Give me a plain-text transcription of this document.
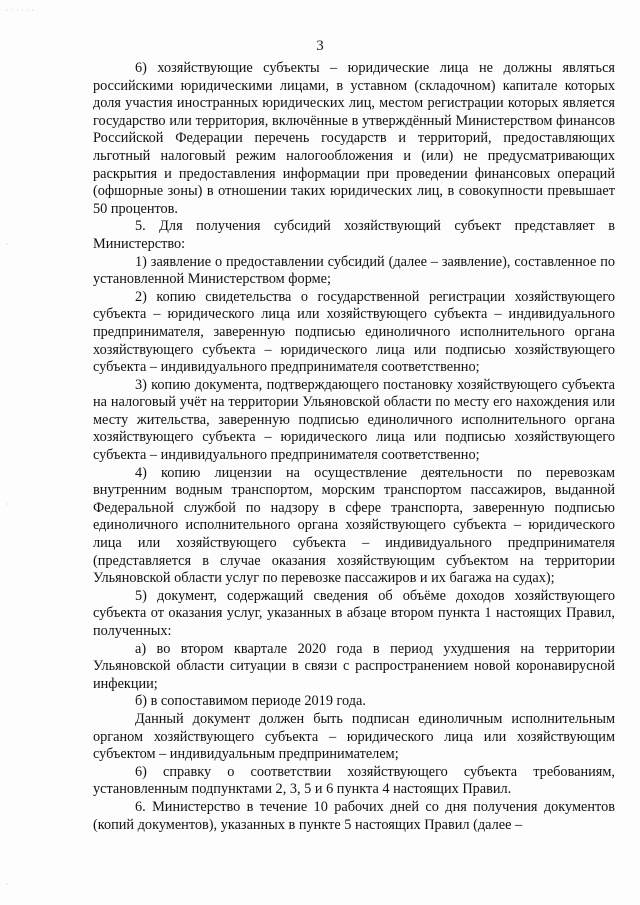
· · · · · ·
·
·
·
3

6) хозяйствующие субъекты – юридические лица не должны являться российскими юридическими лицами, в уставном (складочном) капитале которых доля участия иностранных юридических лиц, местом регистрации которых является государство или территория, включённые в утверждённый Министерством финансов Российской Федерации перечень государств и территорий, предоставляющих льготный налоговый режим налогообложения и (или) не предусматривающих раскрытия и предоставления информации при проведении финансовых операций (офшорные зоны) в отношении таких юридических лиц, в совокупности превышает 50 процентов.

5. Для получения субсидий хозяйствующий субъект представляет в Министерство:

1) заявление о предоставлении субсидий (далее – заявление), составленное по установленной Министерством форме;

2) копию свидетельства о государственной регистрации хозяйствующего субъекта – юридического лица или хозяйствующего субъекта – индивидуального предпринимателя, заверенную подписью единоличного исполнительного органа хозяйствующего субъекта – юридического лица или подписью хозяйствующего субъекта – индивидуального предпринимателя соответственно;

3) копию документа, подтверждающего постановку хозяйствующего субъекта на налоговый учёт на территории Ульяновской области по месту его нахождения или месту жительства, заверенную подписью единоличного исполнительного органа хозяйствующего субъекта – юридического лица или подписью хозяйствующего субъекта – индивидуального предпринимателя соответственно;

4) копию лицензии на осуществление деятельности по перевозкам внутренним водным транспортом, морским транспортом пассажиров, выданной Федеральной службой по надзору в сфере транспорта, заверенную подписью единоличного исполнительного органа хозяйствующего субъекта – юридического лица или хозяйствующего субъекта – индивидуального предпринимателя (представляется в случае оказания хозяйствующим субъектом на территории Ульяновской области услуг по перевозке пассажиров и их багажа на судах);

5) документ, содержащий сведения об объёме доходов хозяйствующего субъекта от оказания услуг, указанных в абзаце втором пункта 1 настоящих Правил, полученных:

а) во втором квартале 2020 года в период ухудшения на территории Ульяновской области ситуации в связи с распространением новой коронавирусной инфекции;

б) в сопоставимом периоде 2019 года.

Данный документ должен быть подписан единоличным исполнительным органом хозяйствующего субъекта – юридического лица или хозяйствующим субъектом – индивидуальным предпринимателем;

6) справку о соответствии хозяйствующего субъекта требованиям, установленным подпунктами 2, 3, 5 и 6 пункта 4 настоящих Правил.

6. Министерство в течение 10 рабочих дней со дня получения документов (копий документов), указанных в пункте 5 настоящих Правил (далее –
